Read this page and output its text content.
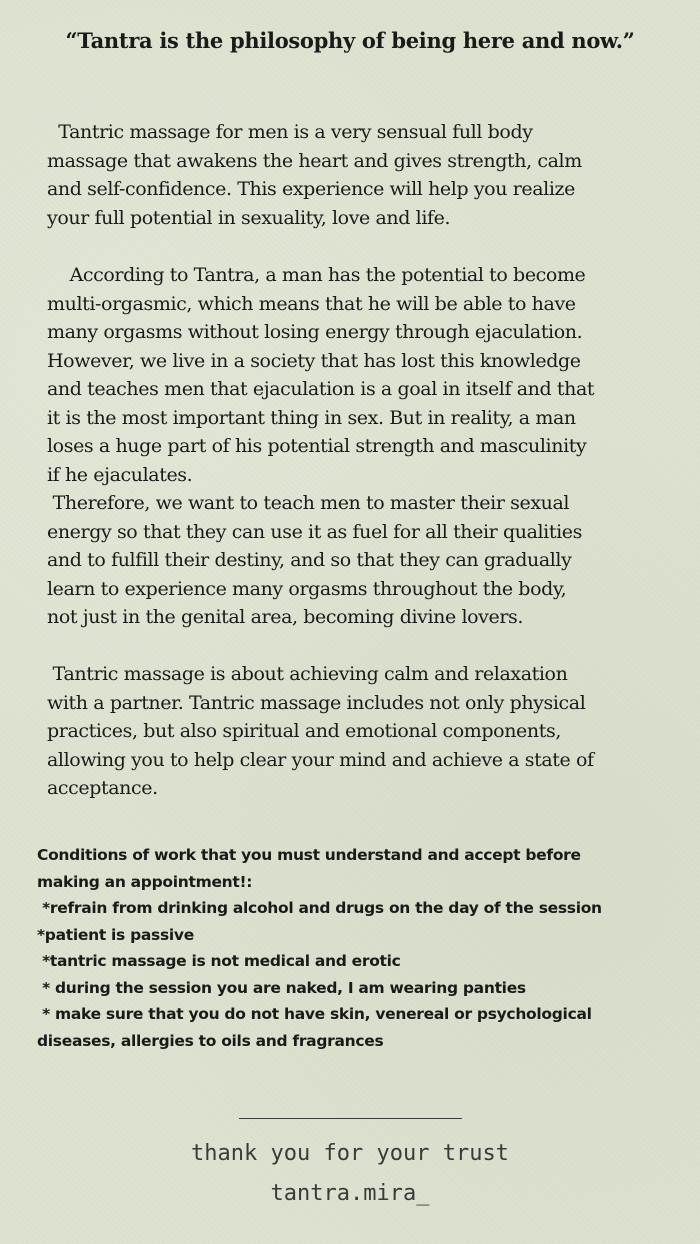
“Tantra is the philosophy of being here and now.”

Tantric massage for men is a very sensual full body
massage that awakens the heart and gives strength, calm
and self-confidence. This experience will help you realize
your full potential in sexuality, love and life.

According to Tantra, a man has the potential to become
multi-orgasmic, which means that he will be able to have
many orgasms without losing energy through ejaculation.
However, we live in a society that has lost this knowledge
and teaches men that ejaculation is a goal in itself and that
it is the most important thing in sex. But in reality, a man
loses a huge part of his potential strength and masculinity
if he ejaculates.

Therefore, we want to teach men to master their sexual
energy so that they can use it as fuel for all their qualities
and to fulfill their destiny, and so that they can gradually
learn to experience many orgasms throughout the body,
not just in the genital area, becoming divine lovers.

Tantric massage is about achieving calm and relaxation
with a partner. Tantric massage includes not only physical
practices, but also spiritual and emotional components,
allowing you to help clear your mind and achieve a state of
acceptance.

Conditions of work that you must understand and accept before
making an appointment!:
*refrain from drinking alcohol and drugs on the day of the session
*patient is passive
*tantric massage is not medical and erotic
* during the session you are naked, I am wearing panties
* make sure that you do not have skin, venereal or psychological
diseases, allergies to oils and fragrances

thank you for your trust

tantra.mira_
